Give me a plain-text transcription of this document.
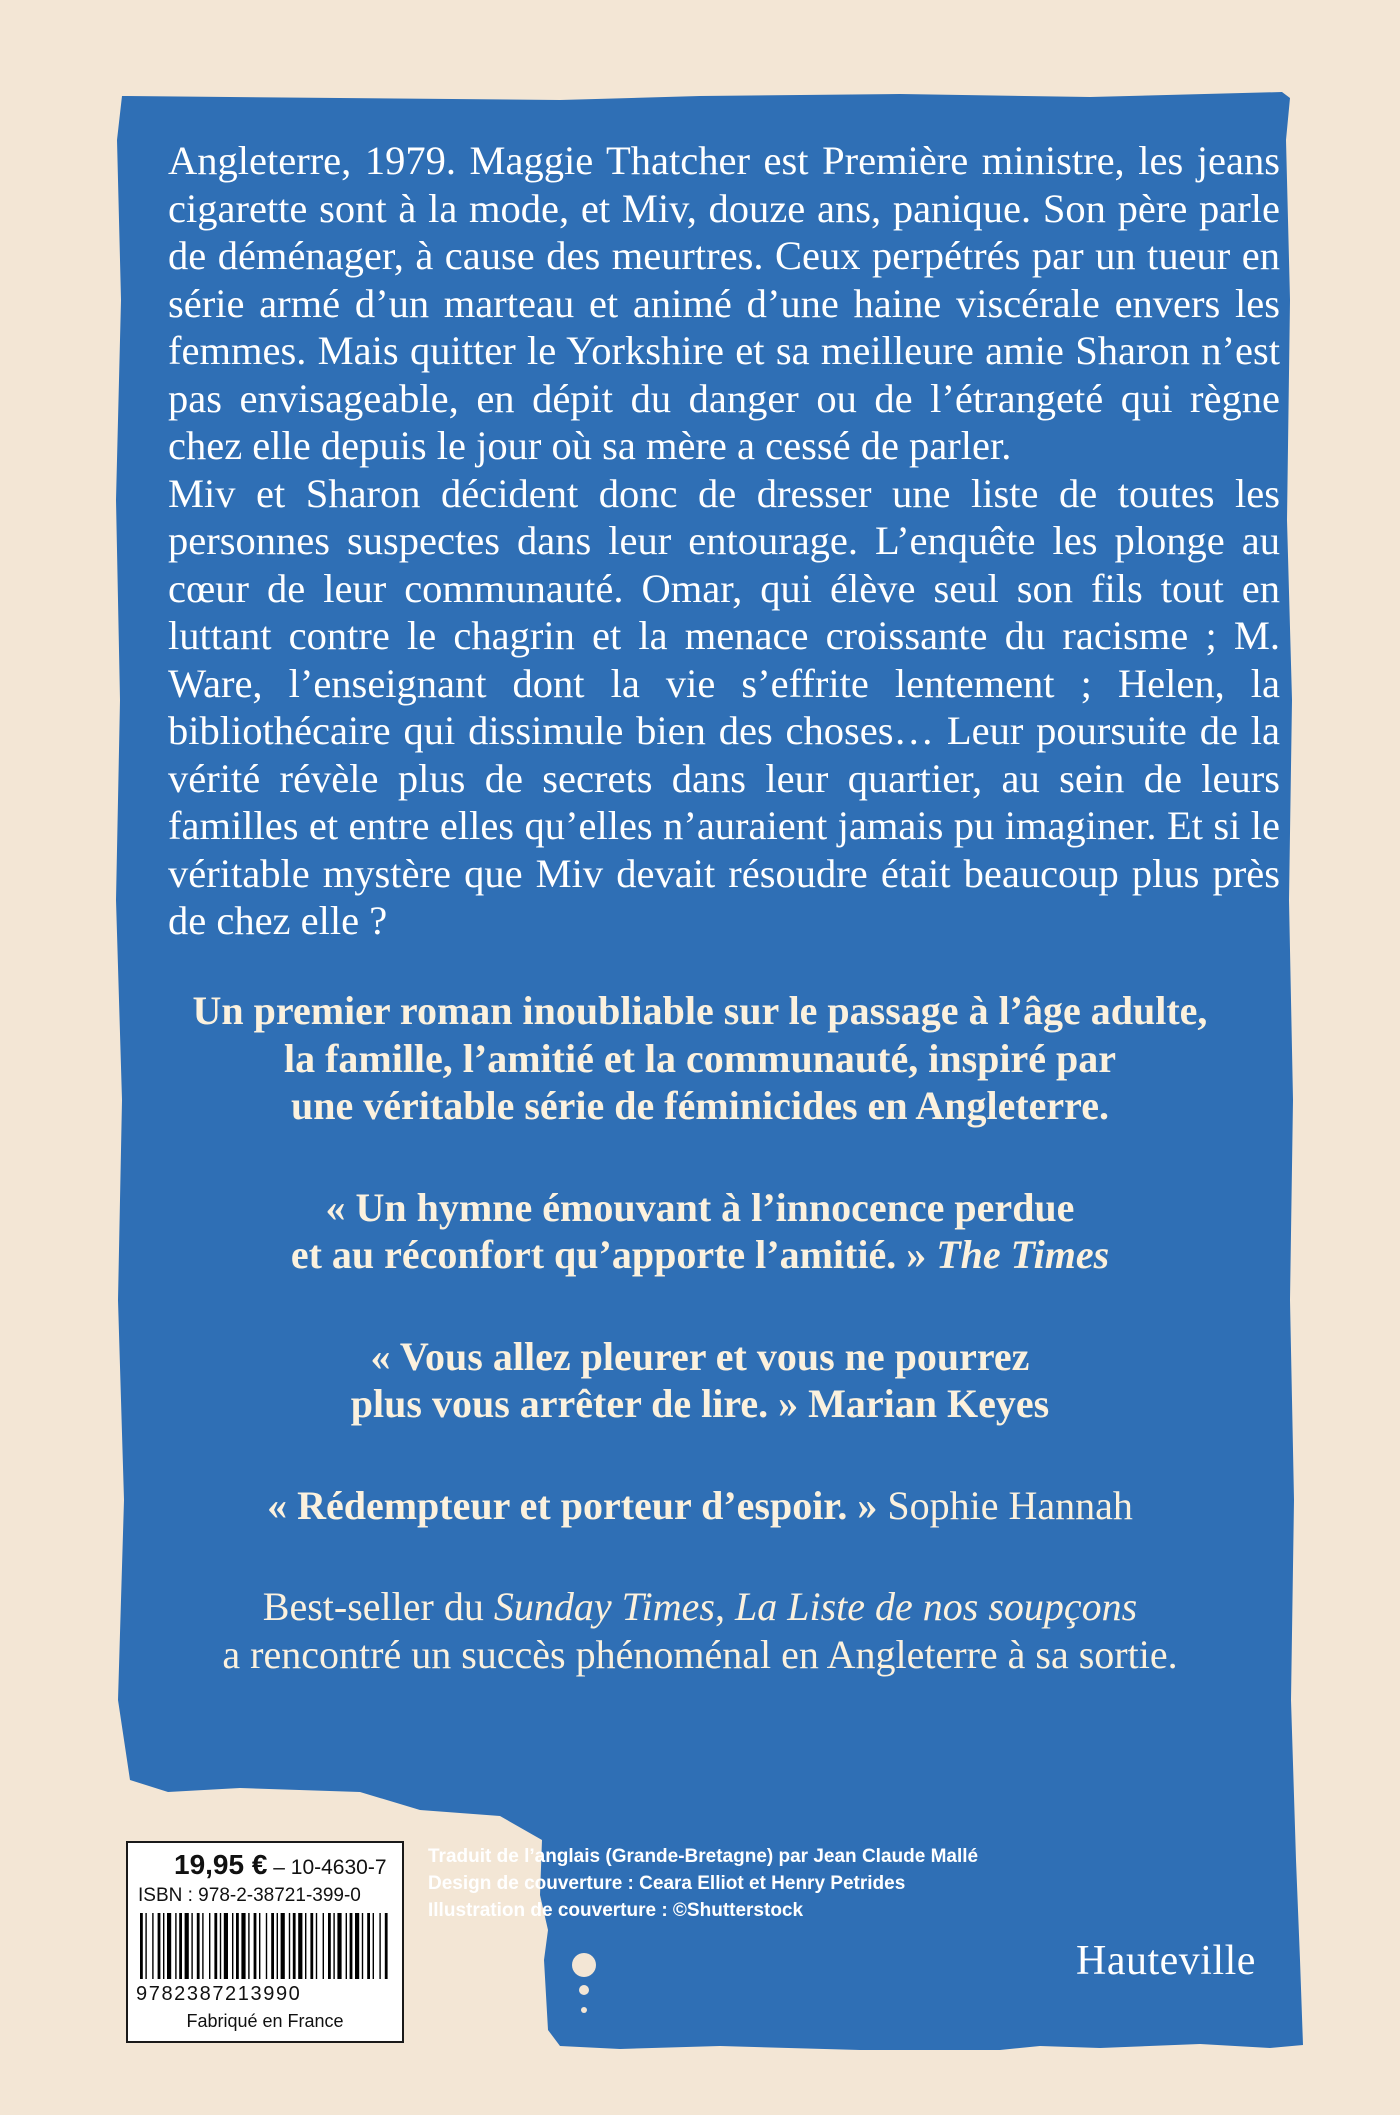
Angleterre, 1979. Maggie Thatcher est Première ministre, les jeans cigarette sont à la mode, et Miv, douze ans, panique. Son père parle de déménager, à cause des meurtres. Ceux perpétrés par un tueur en série armé d’un marteau et animé d’une haine viscérale envers les femmes. Mais quitter le Yorkshire et sa meilleure amie Sharon n’est pas envisageable, en dépit du danger ou de l’étrangeté qui règne chez elle depuis le jour où sa mère a cessé de parler.

Miv et Sharon décident donc de dresser une liste de toutes les personnes suspectes dans leur entourage. L’enquête les plonge au cœur de leur communauté. Omar, qui élève seul son fils tout en luttant contre le chagrin et la menace croissante du racisme ; M. Ware, l’enseignant dont la vie s’effrite lentement ; Helen, la bibliothécaire qui dissimule bien des choses… Leur poursuite de la vérité révèle plus de secrets dans leur quartier, au sein de leurs familles et entre elles qu’elles n’auraient jamais pu imaginer. Et si le véritable mystère que Miv devait résoudre était beaucoup plus près de chez elle ?

Un premier roman inoubliable sur le passage à l’âge adulte,
la famille, l’amitié et la communauté, inspiré par
une véritable série de féminicides en Angleterre.

« Un hymne émouvant à l’innocence perdue
et au réconfort qu’apporte l’amitié. » The Times

« Vous allez pleurer et vous ne pourrez
plus vous arrêter de lire. » Marian Keyes

« Rédempteur et porteur d’espoir. » Sophie Hannah

Best-seller du Sunday Times, La Liste de nos soupçons
a rencontré un succès phénoménal en Angleterre à sa sortie.

19,95 € – 10-4630-7
ISBN : 978-2-38721-399-0
9782387213990
Fabriqué en France

Traduit de l’anglais (Grande-Bretagne) par Jean Claude Mallé

Design de couverture : Ceara Elliot et Henry Petrides

Illustration de couverture : ©Shutterstock

Hauteville
